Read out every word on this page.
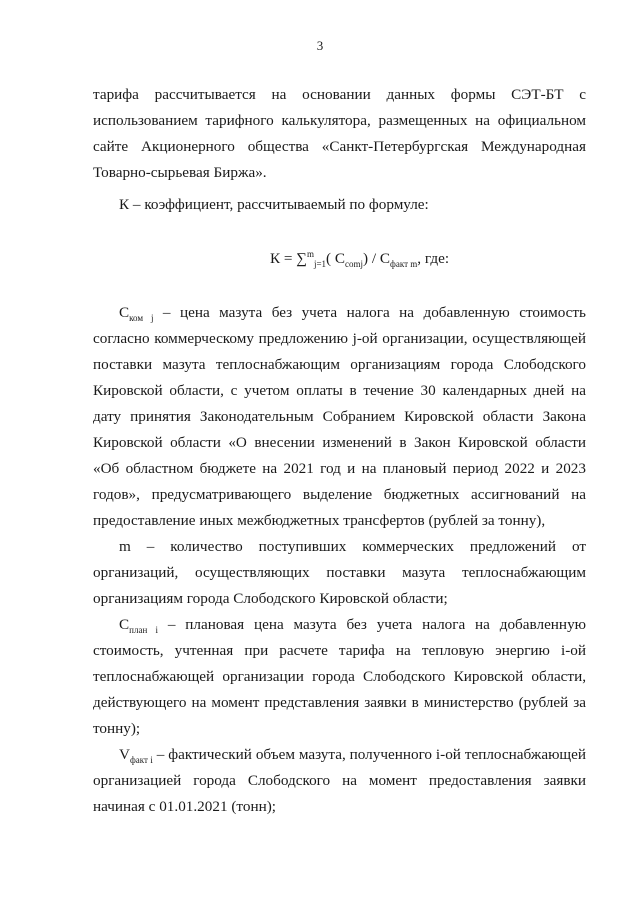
3

тарифа рассчитывается на основании данных формы СЭТ-БТ с использованием тарифного калькулятора, размещенных на официальном сайте Акционерного общества «Санкт-Петербургская Международная Товарно-сырьевая Биржа».

К – коэффициент, рассчитываемый по формуле:

К = ∑$^m_{j=1}$( $С_{comj}) / С_{факт m}$, где:

$С_{ком j}$ – цена мазута без учета налога на добавленную стоимость согласно коммерческому предложению j-ой организации, осуществляющей поставки мазута теплоснабжающим организациям города Слободского Кировской области, с учетом оплаты в течение 30 календарных дней на дату принятия Законодательным Собранием Кировской области Закона Кировской области «О внесении изменений в Закон Кировской области «Об областном бюджете на 2021 год и на плановый период 2022 и 2023 годов», предусматривающего выделение бюджетных ассигнований на предоставление иных межбюджетных трансфертов (рублей за тонну),

m – количество поступивших коммерческих предложений от организаций, осуществляющих поставки мазута теплоснабжающим организациям города Слободского Кировской области;

$С_{план i}$ – плановая цена мазута без учета налога на добавленную стоимость, учтенная при расчете тарифа на тепловую энергию i-ой теплоснабжающей организации города Слободского Кировской области, действующего на момент представления заявки в министерство (рублей за тонну);

$V_{факт i}$ – фактический объем мазута, полученного i-ой теплоснабжающей организацией города Слободского на момент предоставления заявки начиная с 01.01.2021 (тонн);
